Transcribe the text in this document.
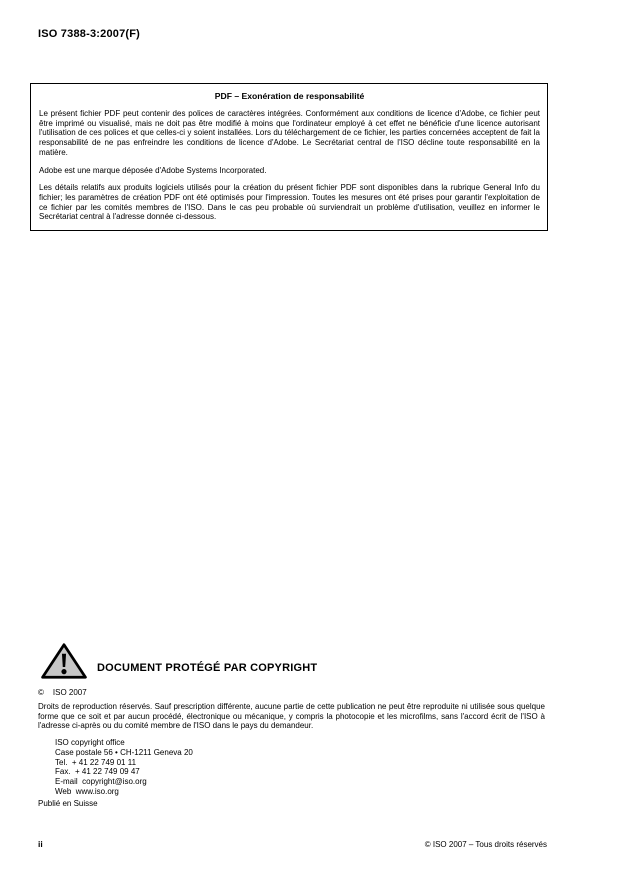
ISO 7388-3:2007(F)
PDF – Exonération de responsabilité

Le présent fichier PDF peut contenir des polices de caractères intégrées. Conformément aux conditions de licence d'Adobe, ce fichier peut être imprimé ou visualisé, mais ne doit pas être modifié à moins que l'ordinateur employé à cet effet ne bénéficie d'une licence autorisant l'utilisation de ces polices et que celles-ci y soient installées. Lors du téléchargement de ce fichier, les parties concernées acceptent de fait la responsabilité de ne pas enfreindre les conditions de licence d'Adobe. Le Secrétariat central de l'ISO décline toute responsabilité en la matière.

Adobe est une marque déposée d'Adobe Systems Incorporated.

Les détails relatifs aux produits logiciels utilisés pour la création du présent fichier PDF sont disponibles dans la rubrique General Info du fichier; les paramètres de création PDF ont été optimisés pour l'impression. Toutes les mesures ont été prises pour garantir l'exploitation de ce fichier par les comités membres de l'ISO. Dans le cas peu probable où surviendrait un problème d'utilisation, veuillez en informer le Secrétariat central à l'adresse donnée ci-dessous.

DOCUMENT PROTÉGÉ PAR COPYRIGHT
© ISO 2007

Droits de reproduction réservés. Sauf prescription différente, aucune partie de cette publication ne peut être reproduite ni utilisée sous quelque forme que ce soit et par aucun procédé, électronique ou mécanique, y compris la photocopie et les microfilms, sans l'accord écrit de l'ISO à l'adresse ci-après ou du comité membre de l'ISO dans le pays du demandeur.

ISO copyright office
Case postale 56 • CH-1211 Geneva 20
Tel.  + 41 22 749 01 11
Fax.  + 41 22 749 09 47
E-mail  copyright@iso.org
Web  www.iso.org
Publié en Suisse
ii	© ISO 2007 – Tous droits réservés
